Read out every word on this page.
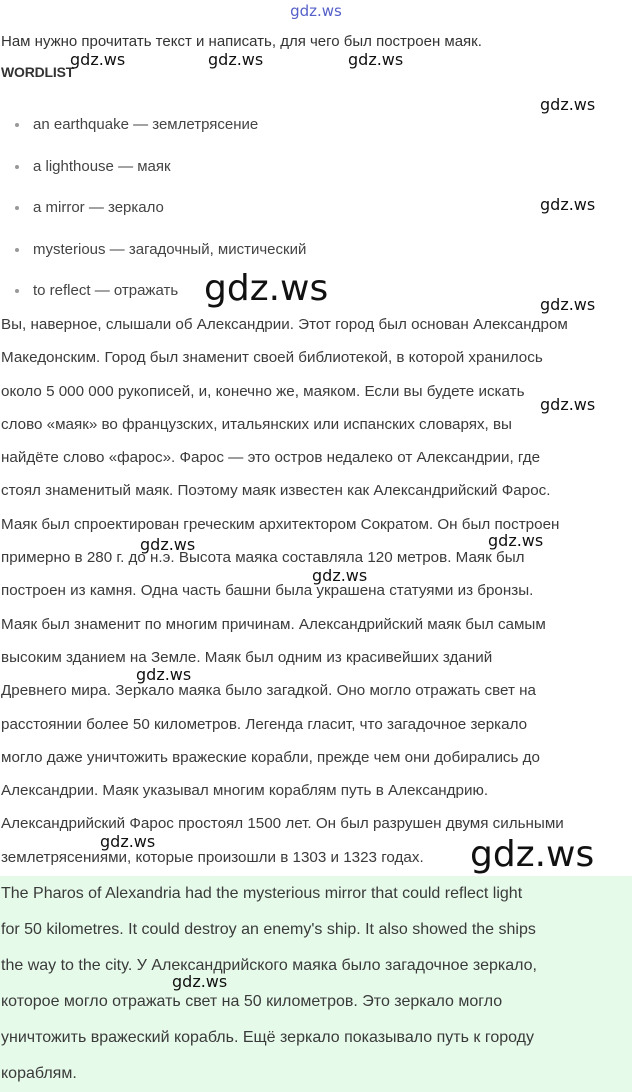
gdz.ws
Нам нужно прочитать текст и написать, для чего был построен маяк.
WORDLIST
an earthquake — землетрясение
a lighthouse — маяк
a mirror — зеркало
mysterious — загадочный, мистический
to reflect — отражать
Вы, наверное, слышали об Александрии. Этот город был основан Александром
Македонским. Город был знаменит своей библиотекой, в которой хранилось
около 5 000 000 рукописей, и, конечно же, маяком. Если вы будете искать
слово «маяк» во французских, итальянских или испанских словарях, вы
найдёте слово «фарос». Фарос — это остров недалеко от Александрии, где
стоял знаменитый маяк. Поэтому маяк известен как Александрийский Фарос.
Маяк был спроектирован греческим архитектором Сократом. Он был построен
примерно в 280 г. до н.э. Высота маяка составляла 120 метров. Маяк был
построен из камня. Одна часть башни была украшена статуями из бронзы.
Маяк был знаменит по многим причинам. Александрийский маяк был самым
высоким зданием на Земле. Маяк был одним из красивейших зданий
Древнего мира. Зеркало маяка было загадкой. Оно могло отражать свет на
расстоянии более 50 километров. Легенда гласит, что загадочное зеркало
могло даже уничтожить вражеские корабли, прежде чем они добирались до
Александрии. Маяк указывал многим кораблям путь в Александрию.
Александрийский Фарос простоял 1500 лет. Он был разрушен двумя сильными
землетрясениями, которые произошли в 1303 и 1323 годах.
The Pharos of Alexandria had the mysterious mirror that could reflect light
for 50 kilometres. It could destroy an enemy's ship. It also showed the ships
the way to the city. У Александрийского маяка было загадочное зеркало,
которое могло отражать свет на 50 километров. Это зеркало могло
уничтожить вражеский корабль. Ещё зеркало показывало путь к городу
кораблям.
gdz.ws	gdz.ws	gdz.ws
gdz.ws
gdz.ws
gdz.ws	gdz.ws
gdz.ws
gdz.ws	gdz.ws
gdz.ws
gdz.ws
gdz.ws	gdz.ws
gdz.ws
